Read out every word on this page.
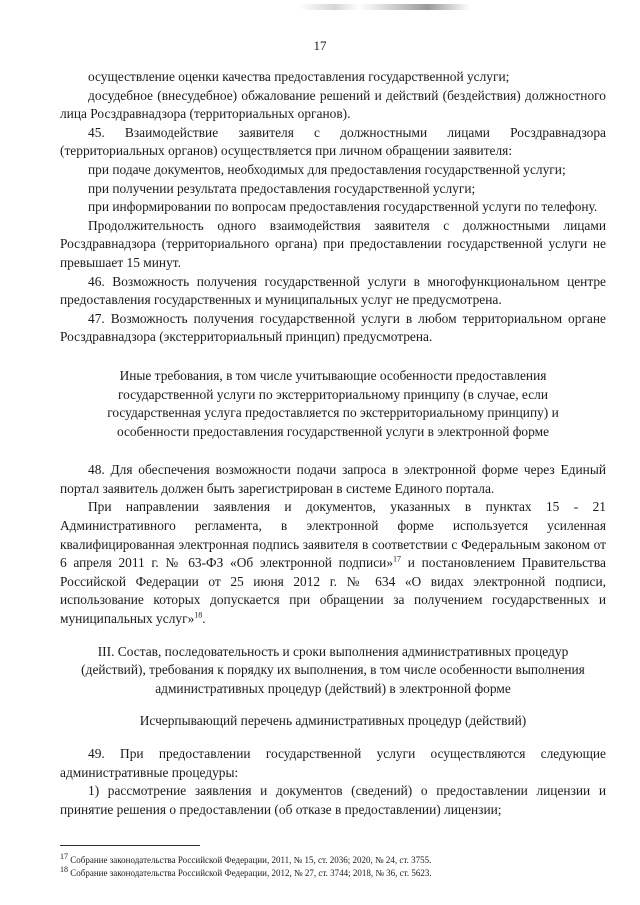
17

осуществление оценки качества предоставления государственной услуги;

досудебное (внесудебное) обжалование решений и действий (бездействия) должностного лица Росздравнадзора (территориальных органов).

45. Взаимодействие заявителя с должностными лицами Росздравнадзора (территориальных органов) осуществляется при личном обращении заявителя:

при подаче документов, необходимых для предоставления государственной услуги;

при получении результата предоставления государственной услуги;

при информировании по вопросам предоставления государственной услуги по телефону.

Продолжительность одного взаимодействия заявителя с должностными лицами Росздравнадзора (территориального органа) при предоставлении государственной услуги не превышает 15 минут.

46. Возможность получения государственной услуги в многофункциональном центре предоставления государственных и муниципальных услуг не предусмотрена.

47. Возможность получения государственной услуги в любом территориальном органе Росздравнадзора (экстерриториальный принцип) предусмотрена.

Иные требования, в том числе учитывающие особенности предоставления государственной услуги по экстерриториальному принципу (в случае, если государственная услуга предоставляется по экстерриториальному принципу) и особенности предоставления государственной услуги в электронной форме

48. Для обеспечения возможности подачи запроса в электронной форме через Единый портал заявитель должен быть зарегистрирован в системе Единого портала.

При направлении заявления и документов, указанных в пунктах 15 - 21 Административного регламента, в электронной форме используется усиленная квалифицированная электронная подпись заявителя в соответствии с Федеральным законом от 6 апреля 2011 г. № 63-ФЗ «Об электронной подписи»$^{17}$ и постановлением Правительства Российской Федерации от 25 июня 2012 г. № 634 «О видах электронной подписи, использование которых допускается при обращении за получением государственных и муниципальных услуг»$^{18}$.

III. Состав, последовательность и сроки выполнения административных процедур (действий), требования к порядку их выполнения, в том числе особенности выполнения административных процедур (действий) в электронной форме

Исчерпывающий перечень административных процедур (действий)

49. При предоставлении государственной услуги осуществляются следующие административные процедуры:

1) рассмотрение заявления и документов (сведений) о предоставлении лицензии и принятие решения о предоставлении (об отказе в предоставлении) лицензии;

$^{17}$ Собрание законодательства Российской Федерации, 2011, № 15, ст. 2036; 2020, № 24, ст. 3755.

$^{18}$ Собрание законодательства Российской Федерации, 2012, № 27, ст. 3744; 2018, № 36, ст. 5623.
